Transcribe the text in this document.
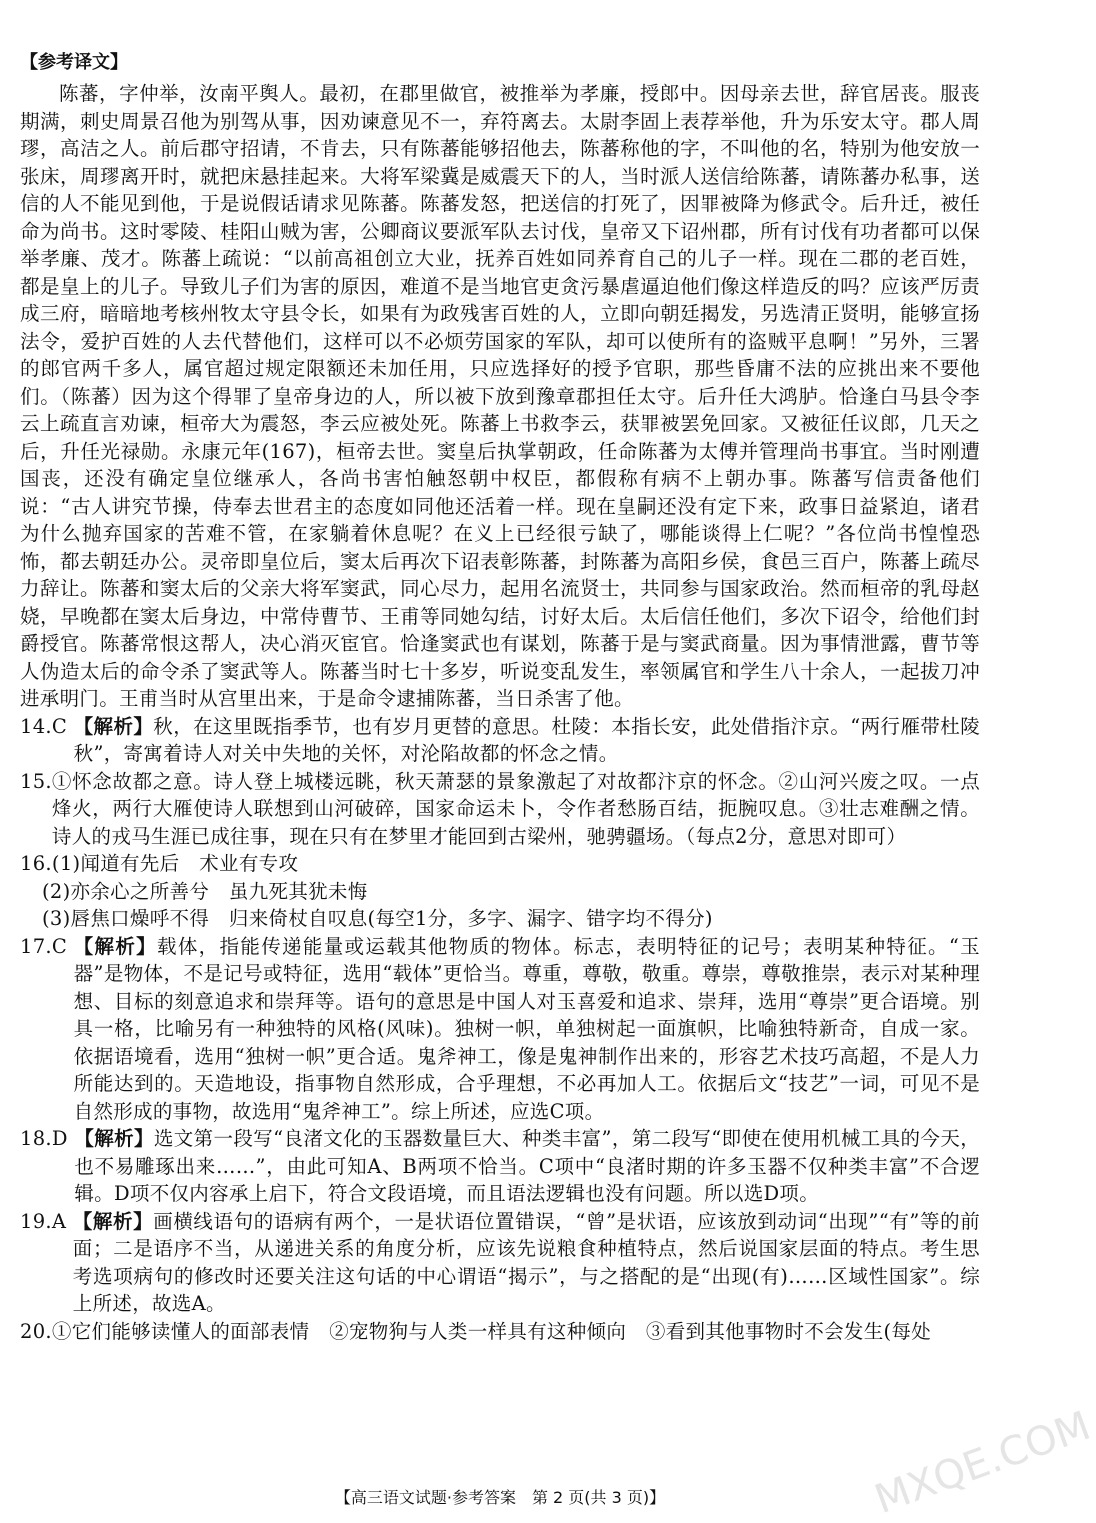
【参考译文】

陈蕃，字仲举，汝南平舆人。最初，在郡里做官，被推举为孝廉，授郎中。因母亲去世，辞官居丧。服丧期满，刺史周景召他为别驾从事，因劝谏意见不一，弃符离去。太尉李固上表荐举他，升为乐安太守。郡人周璆，高洁之人。前后郡守招请，不肯去，只有陈蕃能够招他去，陈蕃称他的字，不叫他的名，特别为他安放一张床，周璆离开时，就把床悬挂起来。大将军梁冀是威震天下的人，当时派人送信给陈蕃，请陈蕃办私事，送信的人不能见到他，于是说假话请求见陈蕃。陈蕃发怒，把送信的打死了，因罪被降为修武令。后升迁，被任命为尚书。这时零陵、桂阳山贼为害，公卿商议要派军队去讨伐，皇帝又下诏州郡，所有讨伐有功者都可以保举孝廉、茂才。陈蕃上疏说：“以前高祖创立大业，抚养百姓如同养育自己的儿子一样。现在二郡的老百姓，都是皇上的儿子。导致儿子们为害的原因，难道不是当地官吏贪污暴虐逼迫他们像这样造反的吗？应该严厉责成三府，暗暗地考核州牧太守县令长，如果有为政残害百姓的人，立即向朝廷揭发，另选清正贤明，能够宣扬法令，爱护百姓的人去代替他们，这样可以不必烦劳国家的军队，却可以使所有的盗贼平息啊！”另外，三署的郎官两千多人，属官超过规定限额还未加任用，只应选择好的授予官职，那些昏庸不法的应挑出来不要他们。（陈蕃）因为这个得罪了皇帝身边的人，所以被下放到豫章郡担任太守。后升任大鸿胪。恰逢白马县令李云上疏直言劝谏，桓帝大为震怒，李云应被处死。陈蕃上书救李云，获罪被罢免回家。又被征任议郎，几天之后，升任光禄勋。永康元年(167)，桓帝去世。窦皇后执掌朝政，任命陈蕃为太傅并管理尚书事宜。当时刚遭国丧，还没有确定皇位继承人，各尚书害怕触怒朝中权臣，都假称有病不上朝办事。陈蕃写信责备他们说：“古人讲究节操，侍奉去世君主的态度如同他还活着一样。现在皇嗣还没有定下来，政事日益紧迫，诸君为什么抛弃国家的苦难不管，在家躺着休息呢？在义上已经很亏缺了，哪能谈得上仁呢？”各位尚书惶惶恐怖，都去朝廷办公。灵帝即皇位后，窦太后再次下诏表彰陈蕃，封陈蕃为高阳乡侯，食邑三百户，陈蕃上疏尽力辞让。陈蕃和窦太后的父亲大将军窦武，同心尽力，起用名流贤士，共同参与国家政治。然而桓帝的乳母赵娆，早晚都在窦太后身边，中常侍曹节、王甫等同她勾结，讨好太后。太后信任他们，多次下诏令，给他们封爵授官。陈蕃常恨这帮人，决心消灭宦官。恰逢窦武也有谋划，陈蕃于是与窦武商量。因为事情泄露，曹节等人伪造太后的命令杀了窦武等人。陈蕃当时七十多岁，听说变乱发生，率领属官和学生八十余人，一起拔刀冲进承明门。王甫当时从宫里出来，于是命令逮捕陈蕃，当日杀害了他。

14.C 【解析】秋，在这里既指季节，也有岁月更替的意思。杜陵：本指长安，此处借指汴京。“两行雁带杜陵秋”，寄寓着诗人对关中失地的关怀，对沦陷故都的怀念之情。
15. ①怀念故都之意。诗人登上城楼远眺，秋天萧瑟的景象激起了对故都汴京的怀念。②山河兴废之叹。一点烽火，两行大雁使诗人联想到山河破碎，国家命运未卜，令作者愁肠百结，扼腕叹息。③壮志难酬之情。诗人的戎马生涯已成往事，现在只有在梦里才能回到古梁州，驰骋疆场。（每点2分，意思对即可）
16. (1)闻道有先后　术业有专攻

(2)亦余心之所善兮　虽九死其犹未悔

(3)唇焦口燥呼不得　归来倚杖自叹息(每空1分，多字、漏字、错字均不得分)

17.C 【解析】载体，指能传递能量或运载其他物质的物体。标志，表明特征的记号；表明某种特征。“玉器”是物体，不是记号或特征，选用“载体”更恰当。尊重，尊敬，敬重。尊崇，尊敬推崇，表示对某种理想、目标的刻意追求和崇拜等。语句的意思是中国人对玉喜爱和追求、崇拜，选用“尊崇”更合语境。别具一格，比喻另有一种独特的风格(风味)。独树一帜，单独树起一面旗帜，比喻独特新奇，自成一家。依据语境看，选用“独树一帜”更合适。鬼斧神工，像是鬼神制作出来的，形容艺术技巧高超，不是人力所能达到的。天造地设，指事物自然形成，合乎理想，不必再加人工。依据后文“技艺”一词，可见不是自然形成的事物，故选用“鬼斧神工”。综上所述，应选C项。
18.D 【解析】选文第一段写“良渚文化的玉器数量巨大、种类丰富”，第二段写“即使在使用机械工具的今天，也不易雕琢出来……”，由此可知A、B两项不恰当。C项中“良渚时期的许多玉器不仅种类丰富”不合逻辑。D项不仅内容承上启下，符合文段语境，而且语法逻辑也没有问题。所以选D项。
19.A 【解析】画横线语句的语病有两个，一是状语位置错误，“曾”是状语，应该放到动词“出现”“有”等的前面；二是语序不当，从递进关系的角度分析，应该先说粮食种植特点，然后说国家层面的特点。考生思考选项病句的修改时还要关注这句话的中心谓语“揭示”，与之搭配的是“出现(有)……区域性国家”。综上所述，故选A。
20. ①它们能够读懂人的面部表情　②宠物狗与人类一样具有这种倾向　③看到其他事物时不会发生(每处
【高三语文试题·参考答案　第 2 页(共 3 页)】	MXQE.COM
